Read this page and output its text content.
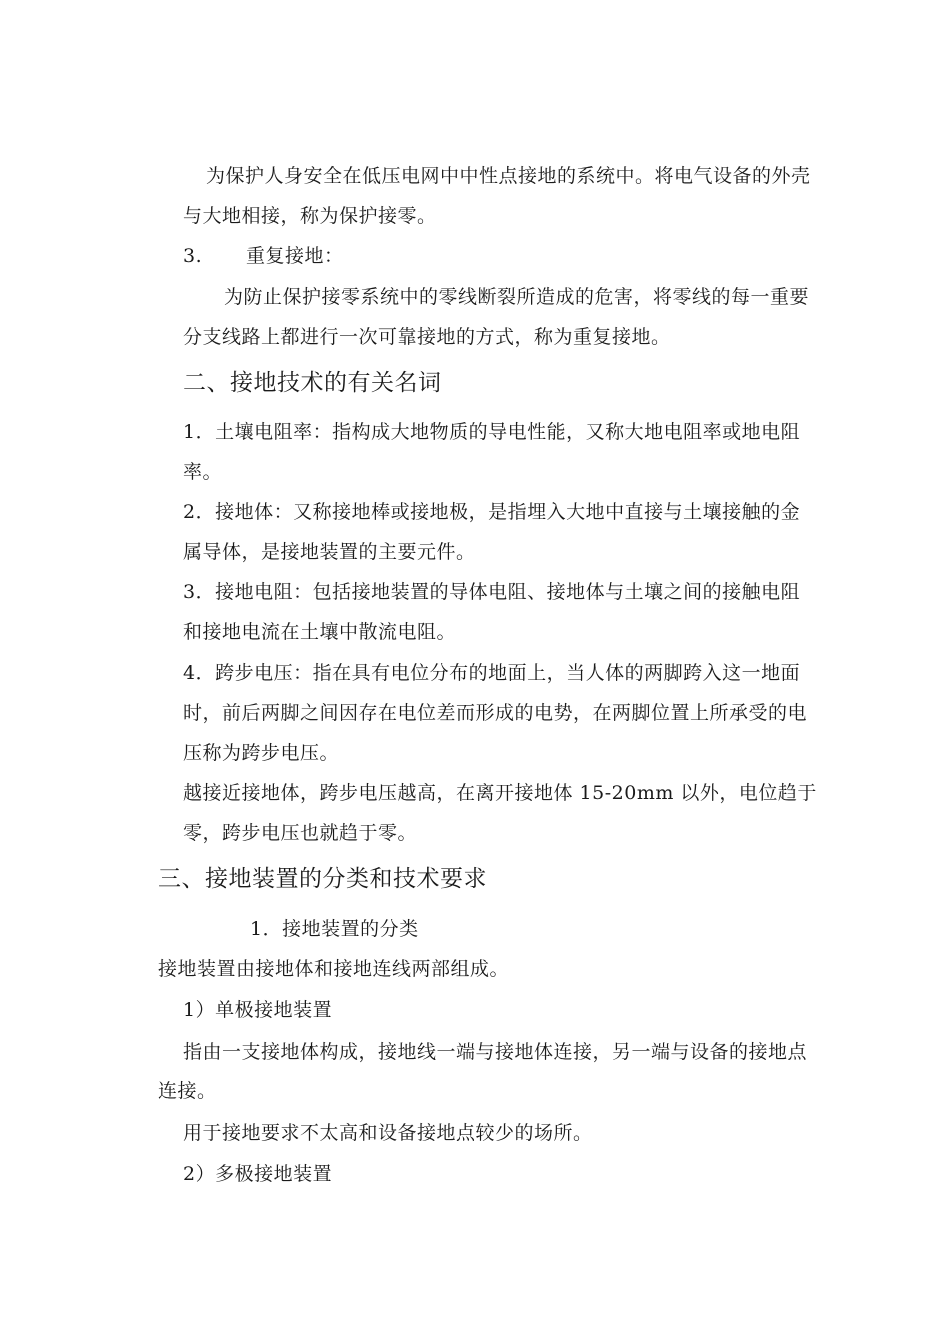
为保护人身安全在低压电网中中性点接地的系统中。将电气设备的外壳
与大地相接，称为保护接零。
3. 重复接地：
为防止保护接零系统中的零线断裂所造成的危害，将零线的每一重要
分支线路上都进行一次可靠接地的方式，称为重复接地。
二、接地技术的有关名词
1．土壤电阻率：指构成大地物质的导电性能，又称大地电阻率或地电阻
率。
2．接地体：又称接地棒或接地极，是指埋入大地中直接与土壤接触的金
属导体，是接地装置的主要元件。
3．接地电阻：包括接地装置的导体电阻、接地体与土壤之间的接触电阻
和接地电流在土壤中散流电阻。
4．跨步电压：指在具有电位分布的地面上，当人体的两脚跨入这一地面
时，前后两脚之间因存在电位差而形成的电势，在两脚位置上所承受的电
压称为跨步电压。
越接近接地体，跨步电压越高，在离开接地体 15-20mm 以外，电位趋于
零，跨步电压也就趋于零。
三、接地装置的分类和技术要求
1．接地装置的分类
接地装置由接地体和接地连线两部组成。
1）单极接地装置
指由一支接地体构成，接地线一端与接地体连接，另一端与设备的接地点
连接。
用于接地要求不太高和设备接地点较少的场所。
2）多极接地装置
